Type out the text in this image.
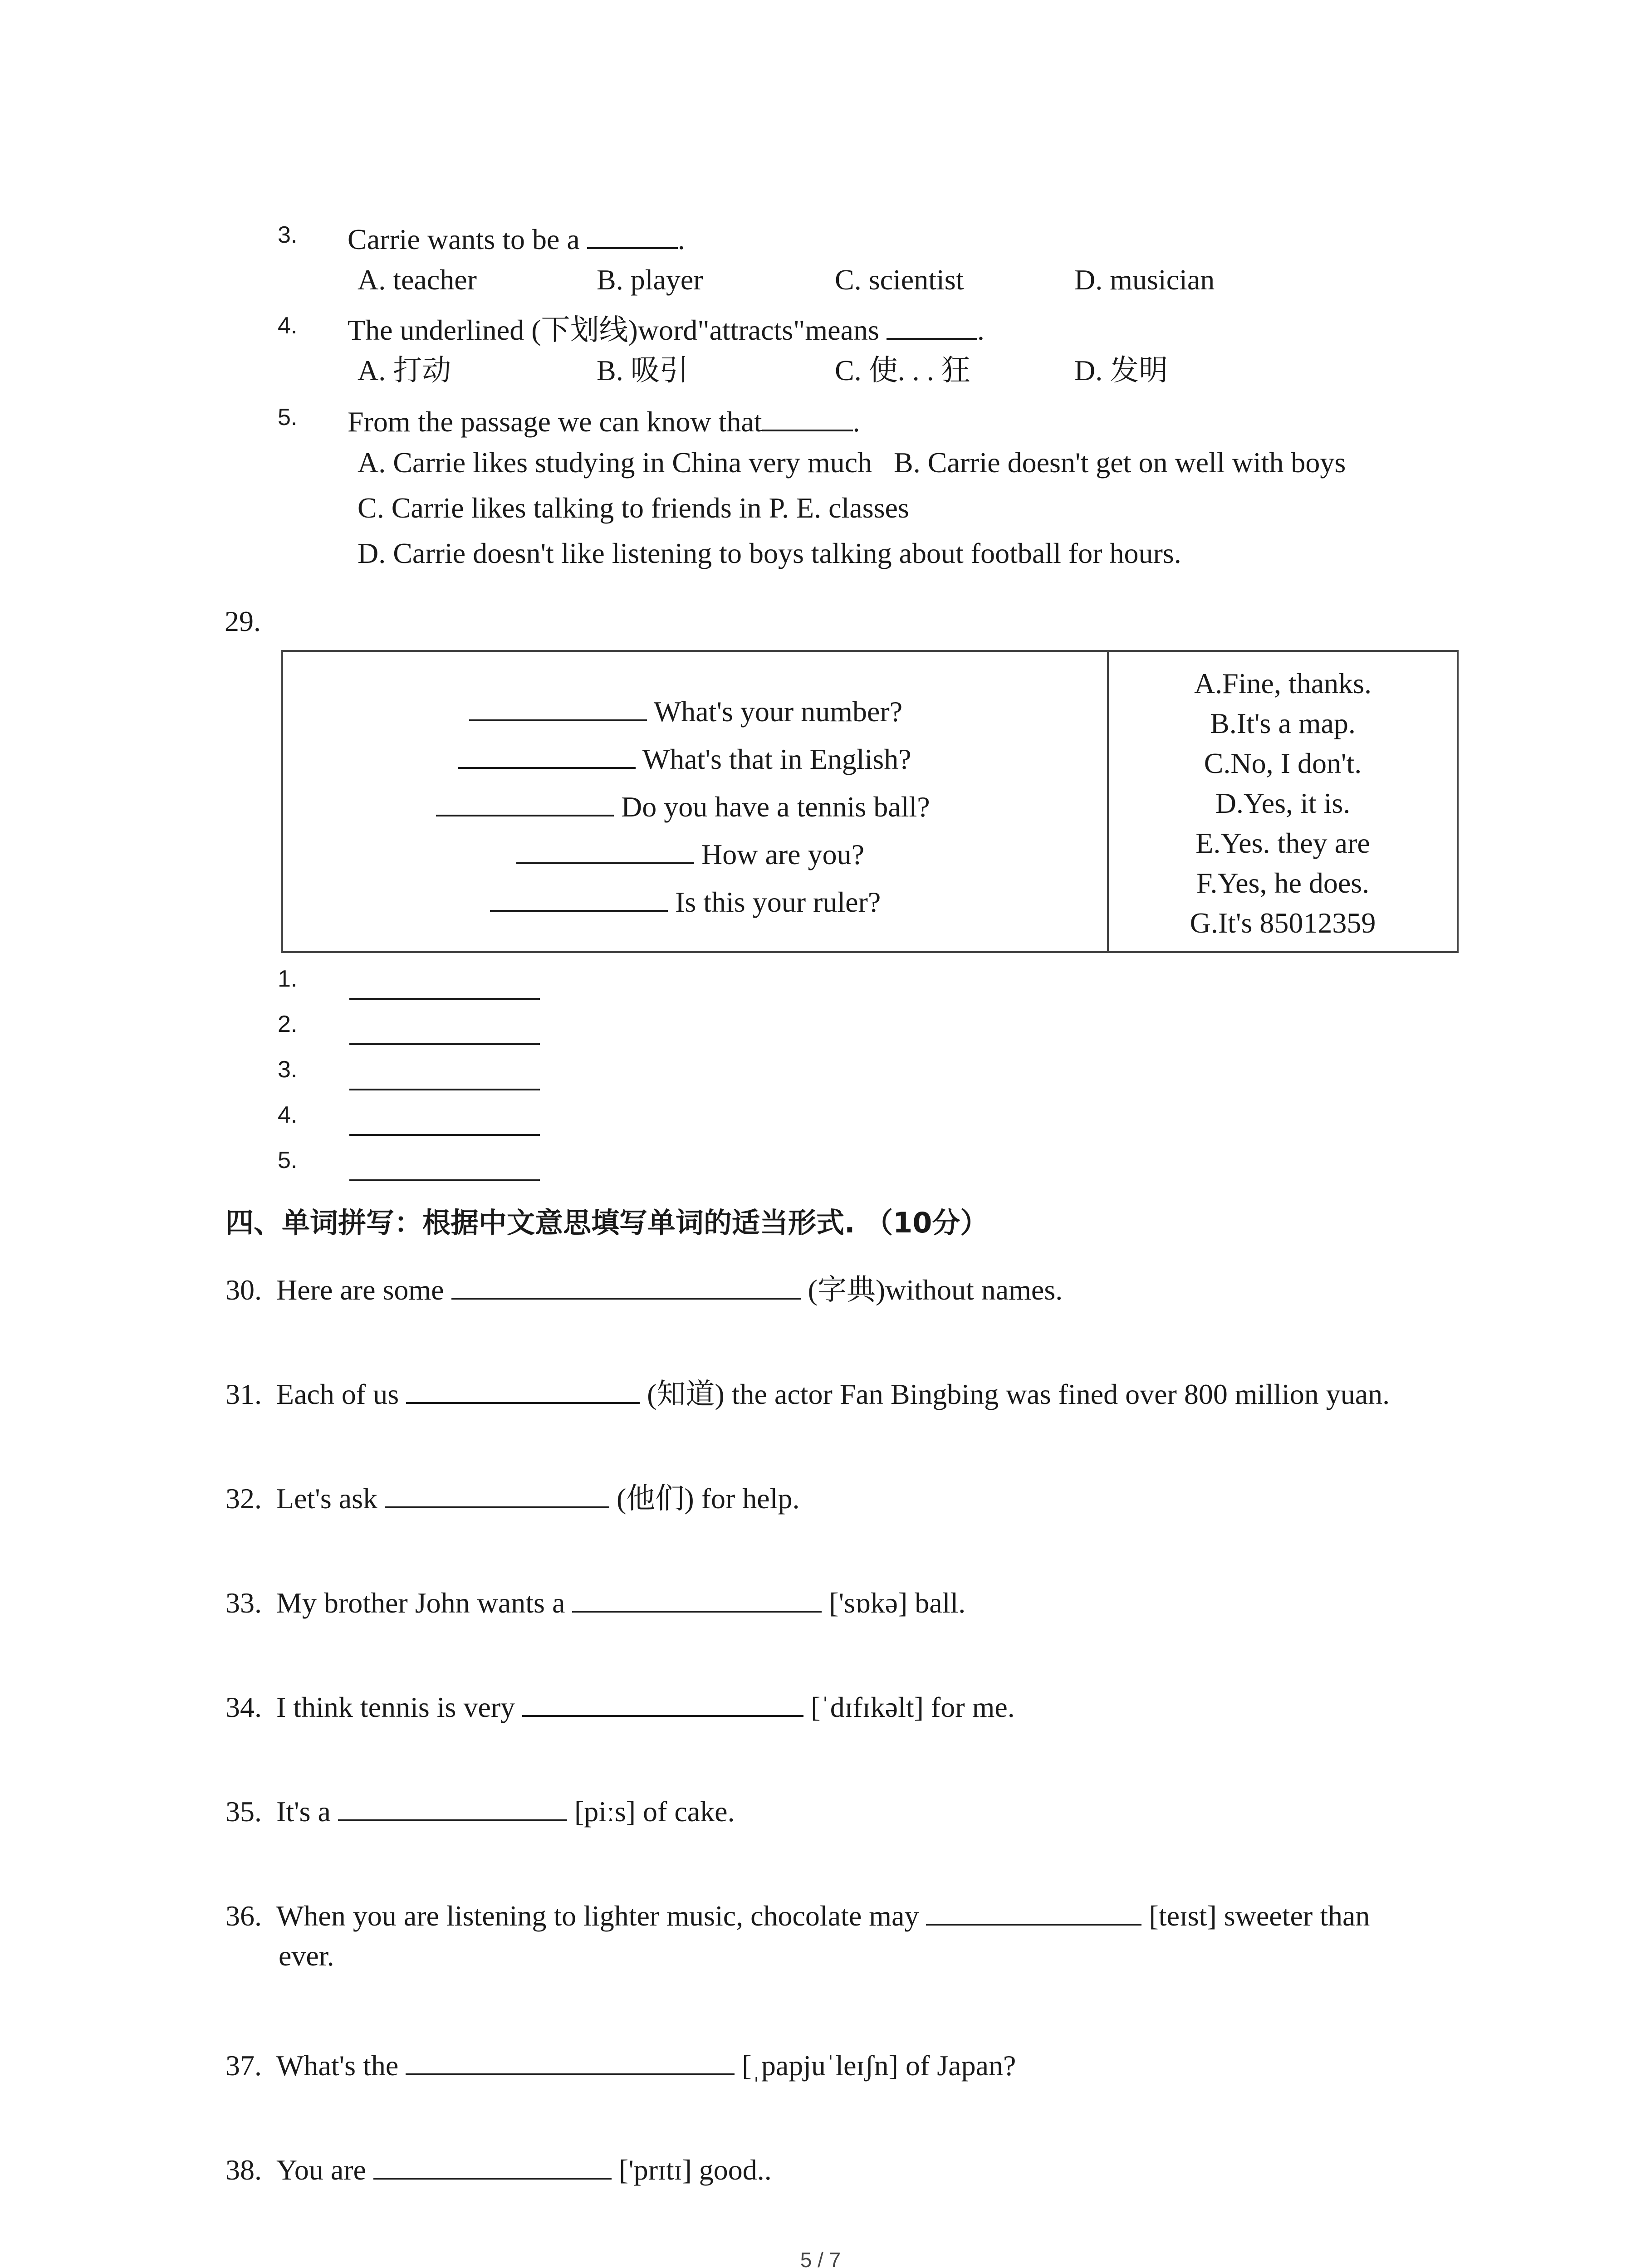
3. Carrie wants to be a	.
A. teacher	B. player	C. scientist	D. musician
4. The underlined (下划线)word"attracts"means	.
A. 打动	B. 吸引	C. 使. . . 狂	D. 发明
5. From the passage we can know that	.
A. Carrie likes studying in China very much   B. Carrie doesn't get on well with boys
C. Carrie likes talking to friends in P. E. classes
D. Carrie doesn't like listening to boys talking about football for hours.
29.
What's your number?
What's that in English?
Do you have a tennis ball?
How are you?
Is this your ruler?
A.Fine, thanks.
B.It's a map.
C.No, I don't.
D.Yes, it is.
E.Yes. they are
F.Yes, he does.
G.It's 85012359
1.
2.
3.
4.
5.
四、单词拼写：根据中文意思填写单词的适当形式. （10分）
30. Here are some	(字典)without names.
31. Each of us	(知道) the actor Fan Bingbing was fined over 800 million yuan.
32. Let's ask	(他们) for help.
33. My brother John wants a	['sɒkə] ball.
34. I think tennis is very	[ˈdɪfɪkəlt] for me.
35. It's a	[piːs] of cake.
36. When you are listening to lighter music, chocolate may	[teɪst] sweeter than
ever.
37. What's the	[ˌpapjuˈleɪʃn] of Japan?
38. You are	['prɪtɪ] good..
5 / 7
